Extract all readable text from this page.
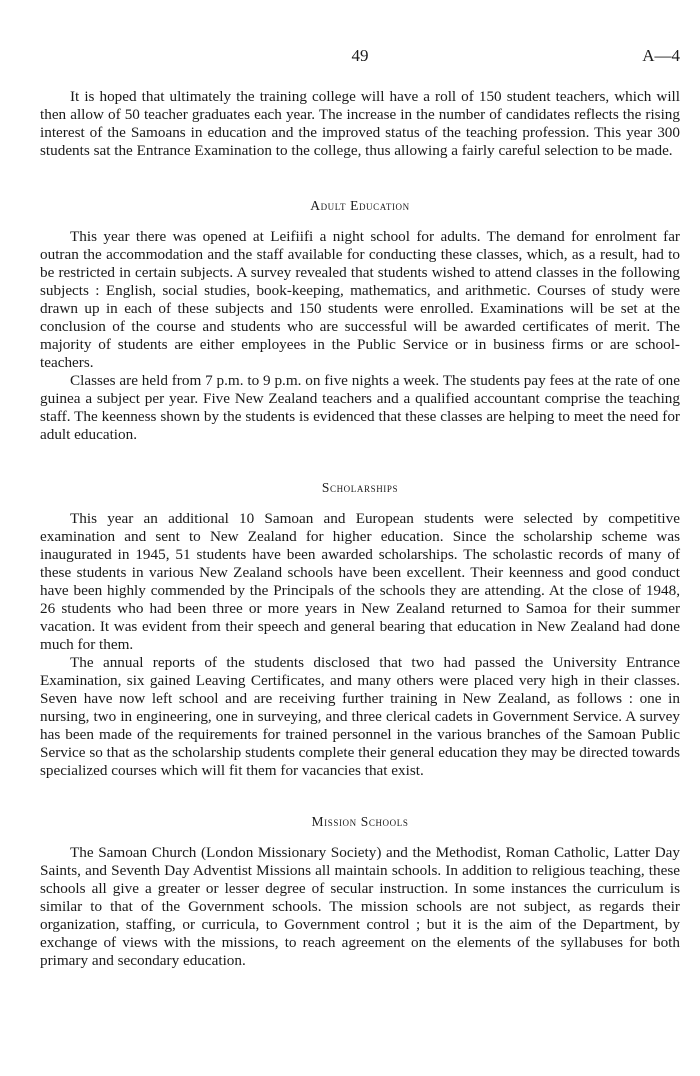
49	A—4

It is hoped that ultimately the training college will have a roll of 150 student teachers, which will then allow of 50 teacher graduates each year. The increase in the number of candidates reflects the rising interest of the Samoans in education and the improved status of the teaching profession. This year 300 students sat the Entrance Examination to the college, thus allowing a fairly careful selection to be made.

Adult Education

This year there was opened at Leifiifi a night school for adults. The demand for enrolment far outran the accommodation and the staff available for conducting these classes, which, as a result, had to be restricted in certain subjects. A survey revealed that students wished to attend classes in the following subjects : English, social studies, book-keeping, mathematics, and arithmetic. Courses of study were drawn up in each of these subjects and 150 students were enrolled. Examinations will be set at the conclusion of the course and students who are successful will be awarded certificates of merit. The majority of students are either employees in the Public Service or in business firms or are school-teachers.

Classes are held from 7 p.m. to 9 p.m. on five nights a week. The students pay fees at the rate of one guinea a subject per year. Five New Zealand teachers and a qualified accountant comprise the teaching staff. The keenness shown by the students is evidenced that these classes are helping to meet the need for adult education.

Scholarships

This year an additional 10 Samoan and European students were selected by competitive examination and sent to New Zealand for higher education. Since the scholarship scheme was inaugurated in 1945, 51 students have been awarded scholarships. The scholastic records of many of these students in various New Zealand schools have been excellent. Their keenness and good conduct have been highly commended by the Principals of the schools they are attending. At the close of 1948, 26 students who had been three or more years in New Zealand returned to Samoa for their summer vacation. It was evident from their speech and general bearing that education in New Zealand had done much for them.

The annual reports of the students disclosed that two had passed the University Entrance Examination, six gained Leaving Certificates, and many others were placed very high in their classes. Seven have now left school and are receiving further training in New Zealand, as follows : one in nursing, two in engineering, one in surveying, and three clerical cadets in Government Service. A survey has been made of the requirements for trained personnel in the various branches of the Samoan Public Service so that as the scholarship students complete their general education they may be directed towards specialized courses which will fit them for vacancies that exist.

Mission Schools

The Samoan Church (London Missionary Society) and the Methodist, Roman Catholic, Latter Day Saints, and Seventh Day Adventist Missions all maintain schools. In addition to religious teaching, these schools all give a greater or lesser degree of secular instruction. In some instances the curriculum is similar to that of the Government schools. The mission schools are not subject, as regards their organization, staffing, or curricula, to Government control ; but it is the aim of the Department, by exchange of views with the missions, to reach agreement on the elements of the syllabuses for both primary and secondary education.
